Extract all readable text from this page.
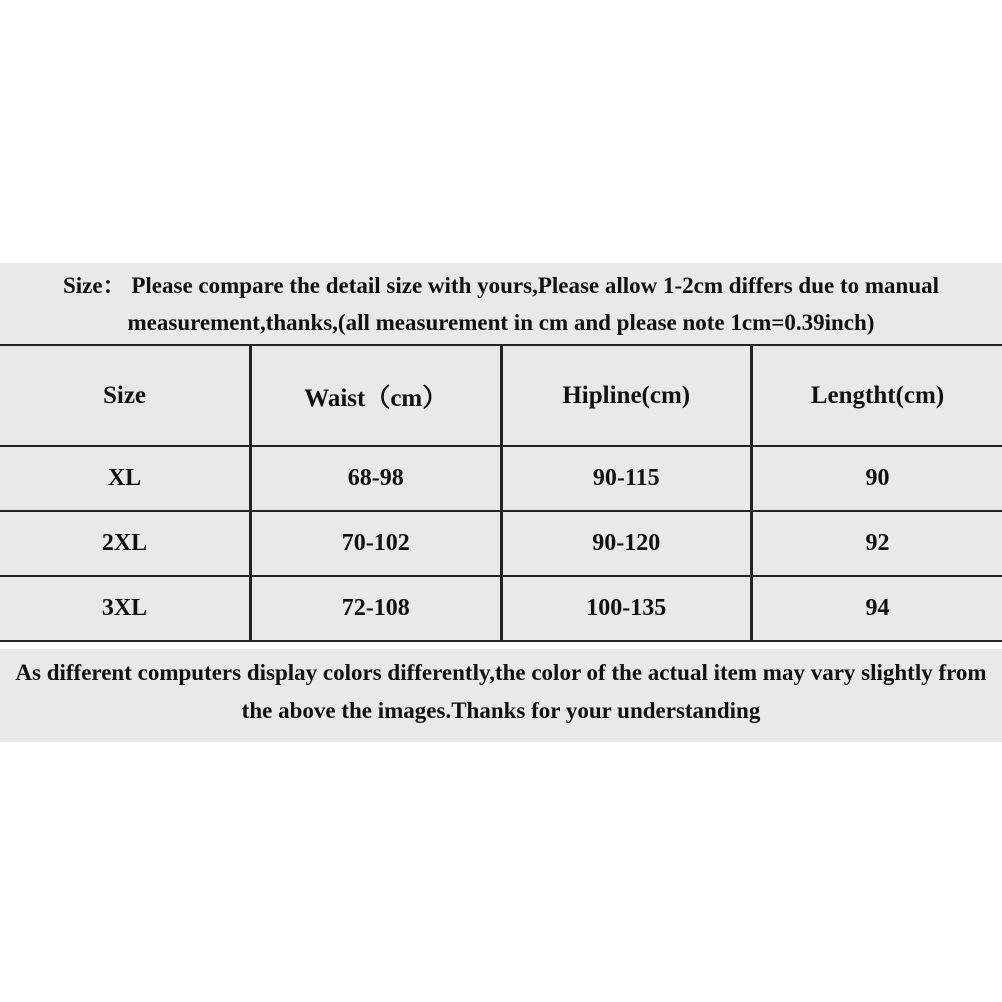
Size： Please compare the detail size with yours,Please allow 1-2cm differs due to manual
measurement,thanks,(all measurement in cm and please note 1cm=0.39inch)
Size	Waist（cm）	Hipline(cm)	Lengtht(cm)
XL	68-98	90-115	90
2XL	70-102	90-120	92
3XL	72-108	100-135	94
As different computers display colors differently,the color of the actual item may vary slightly from
the above the images.Thanks for your understanding
